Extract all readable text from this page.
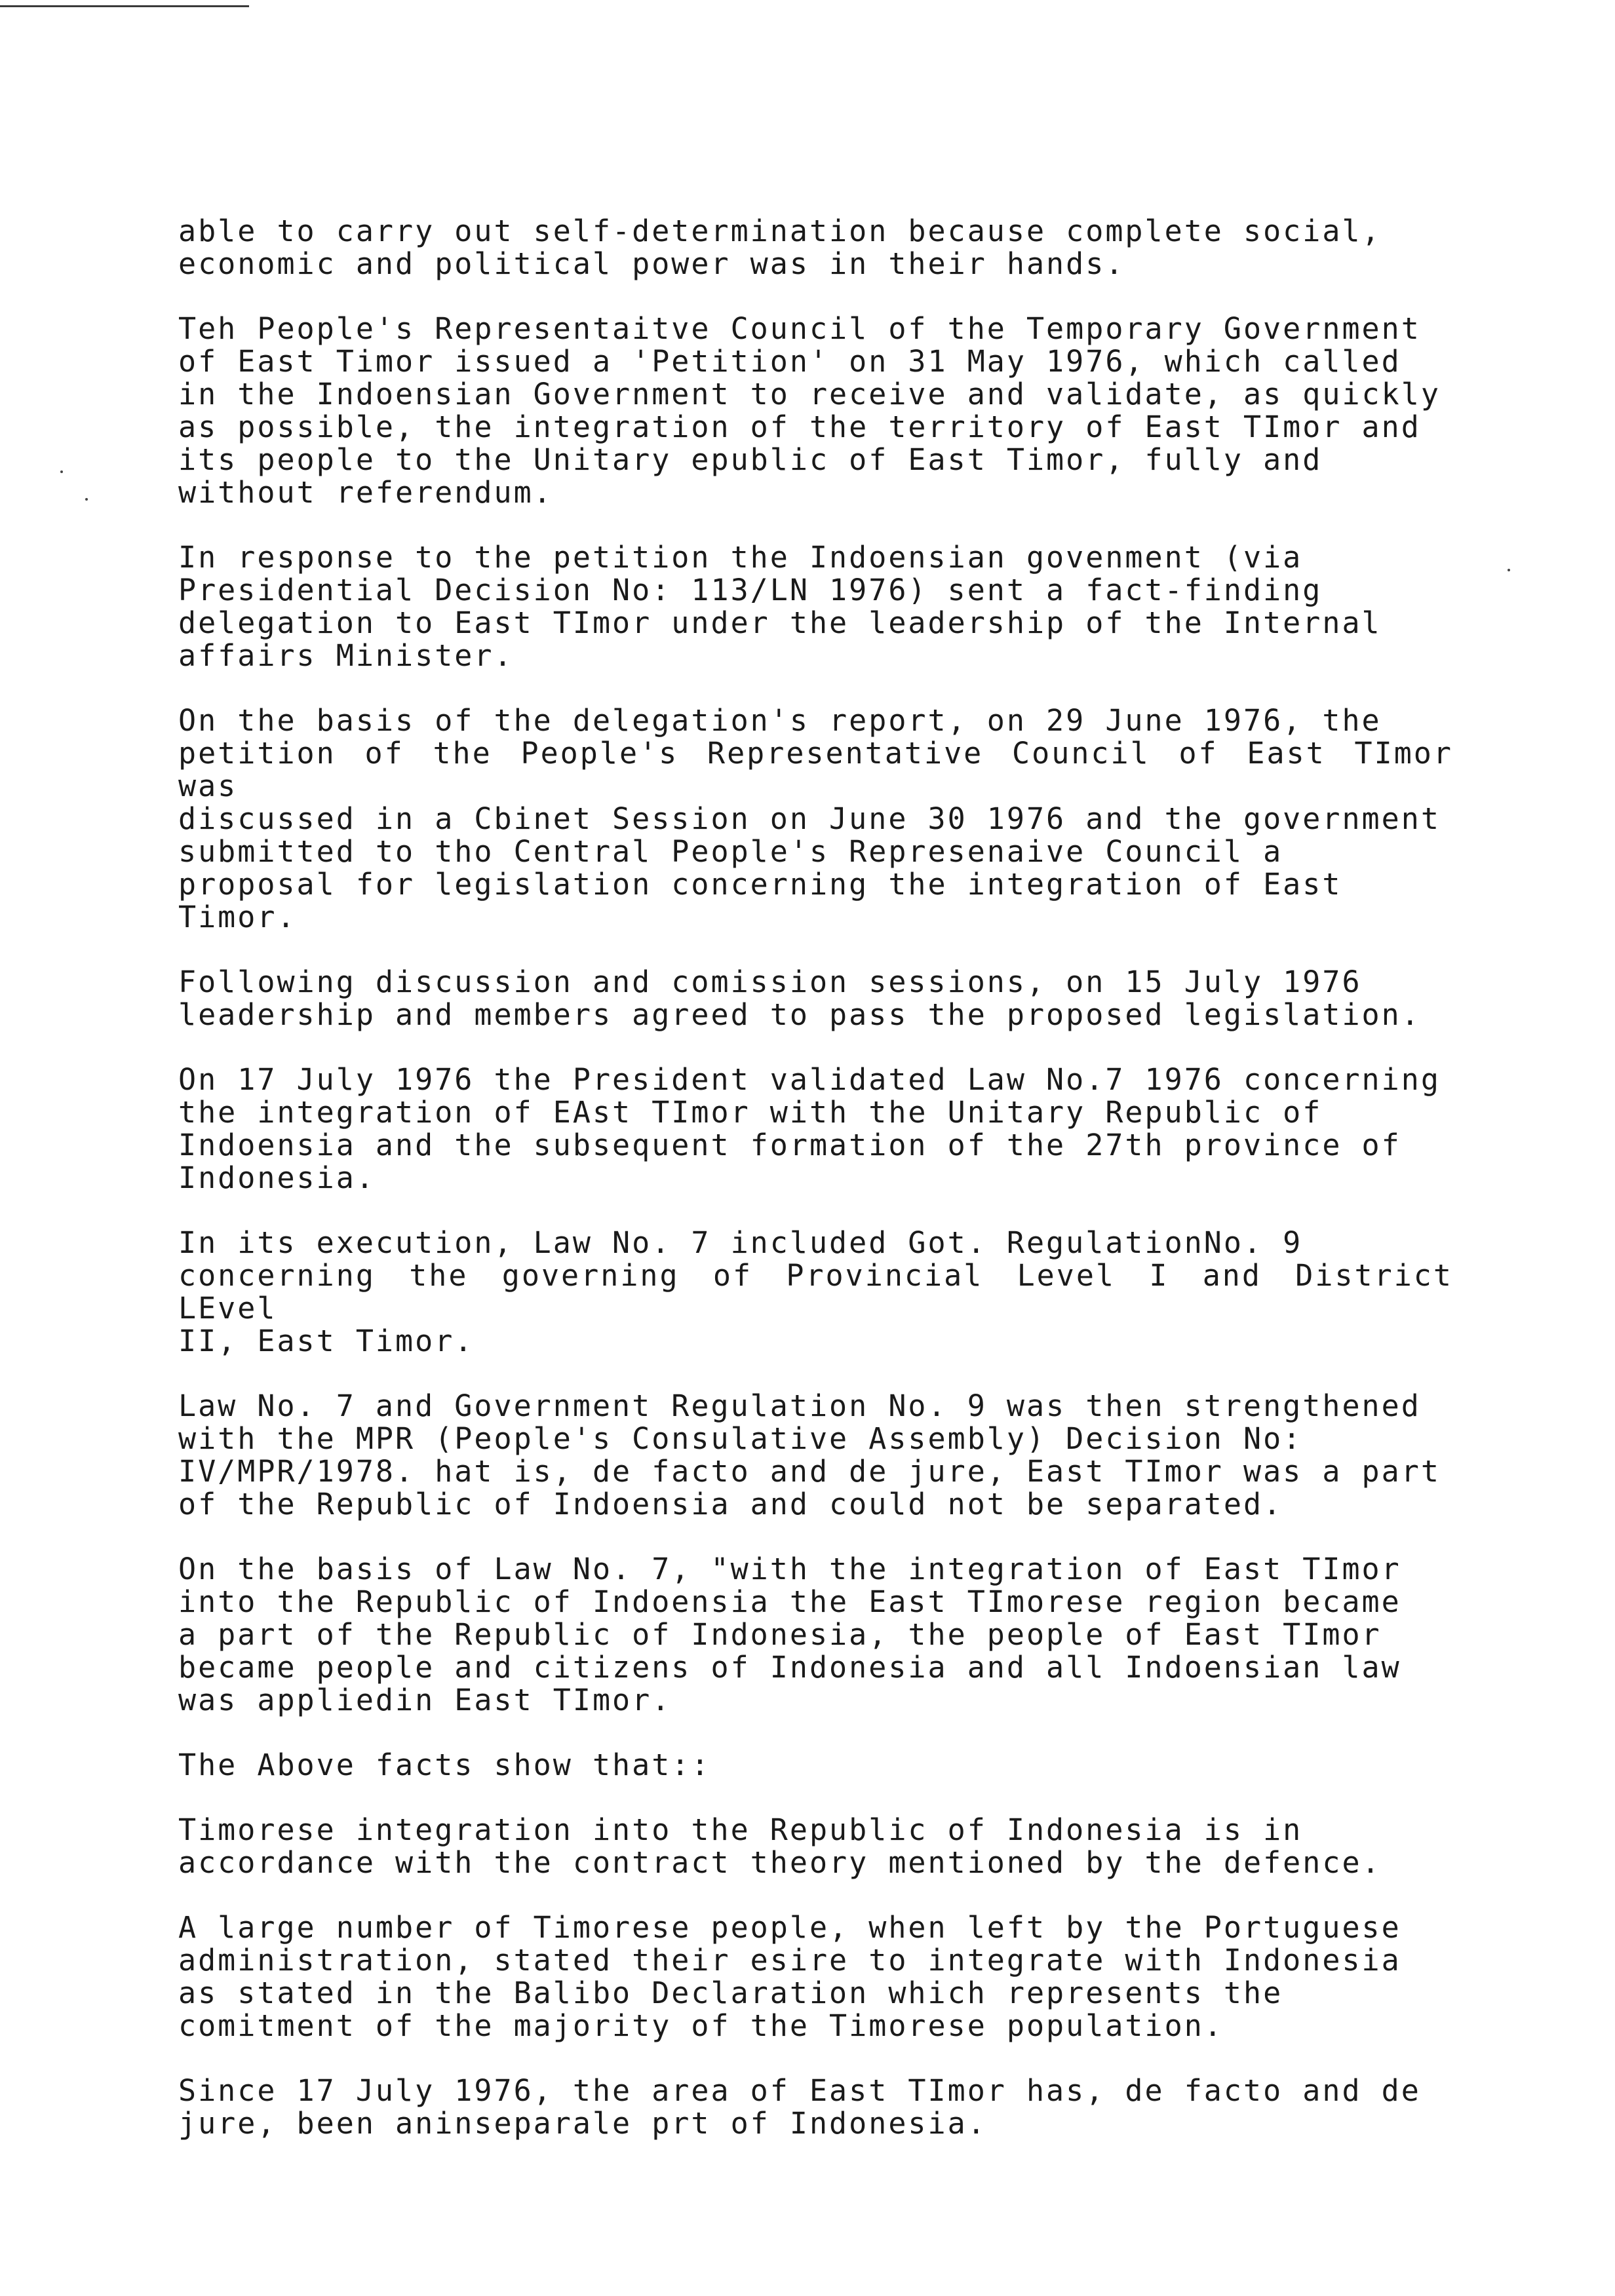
able to carry out self-determination because complete social,
economic and political power was in their hands.

Teh People's Representaitve Council of the Temporary Government
of East Timor issued a 'Petition' on 31 May 1976, which called
in the Indoensian Government to receive and validate, as quickly
as possible, the integration of the territory of East TImor and
its people to the Unitary epublic of East Timor, fully and
without referendum.

In response to the petition the Indoensian govenment (via
Presidential Decision No: 113/LN 1976) sent a fact-finding
delegation to East TImor under the leadership of the Internal
affairs Minister.

On the basis of the delegation's report, on 29 June 1976, the
petition of the People's Representative Council of East TImor was
discussed in a Cbinet Session on June 30 1976 and the government
submitted to tho Central People's Represenaive Council a
proposal for legislation concerning the integration of East
Timor.

Following discussion and comission sessions, on 15 July 1976
leadership and members agreed to pass the proposed legislation.

On 17 July 1976 the President validated Law No.7 1976 concerning
the integration of EAst TImor with the Unitary Republic of
Indoensia and the subsequent formation of the 27th province of
Indonesia.

In its execution, Law No. 7 included Got. RegulationNo. 9
concerning the governing of Provincial Level I and District LEvel
II, East Timor.

Law No. 7 and Government Regulation No. 9 was then strengthened
with the MPR (People's Consulative Assembly) Decision No:
IV/MPR/1978. hat is, de facto and de jure, East TImor was a part
of the Republic of Indoensia and could not be separated.

On the basis of Law No. 7, "with the integration of East TImor
into the Republic of Indoensia the East TImorese region became
a part of the Republic of Indonesia, the people of East TImor
became people and citizens of Indonesia and all Indoensian law
was appliedin East TImor.

The Above facts show that::

Timorese integration into the Republic of Indonesia is in
accordance with the contract theory mentioned by the defence.

A large number of Timorese people, when left by the Portuguese
administration, stated their esire to integrate with Indonesia
as stated in the Balibo Declaration which represents the
comitment of the majority of the Timorese population.

Since 17 July 1976, the area of East TImor has, de facto and de
jure, been aninseparale prt of Indonesia.
